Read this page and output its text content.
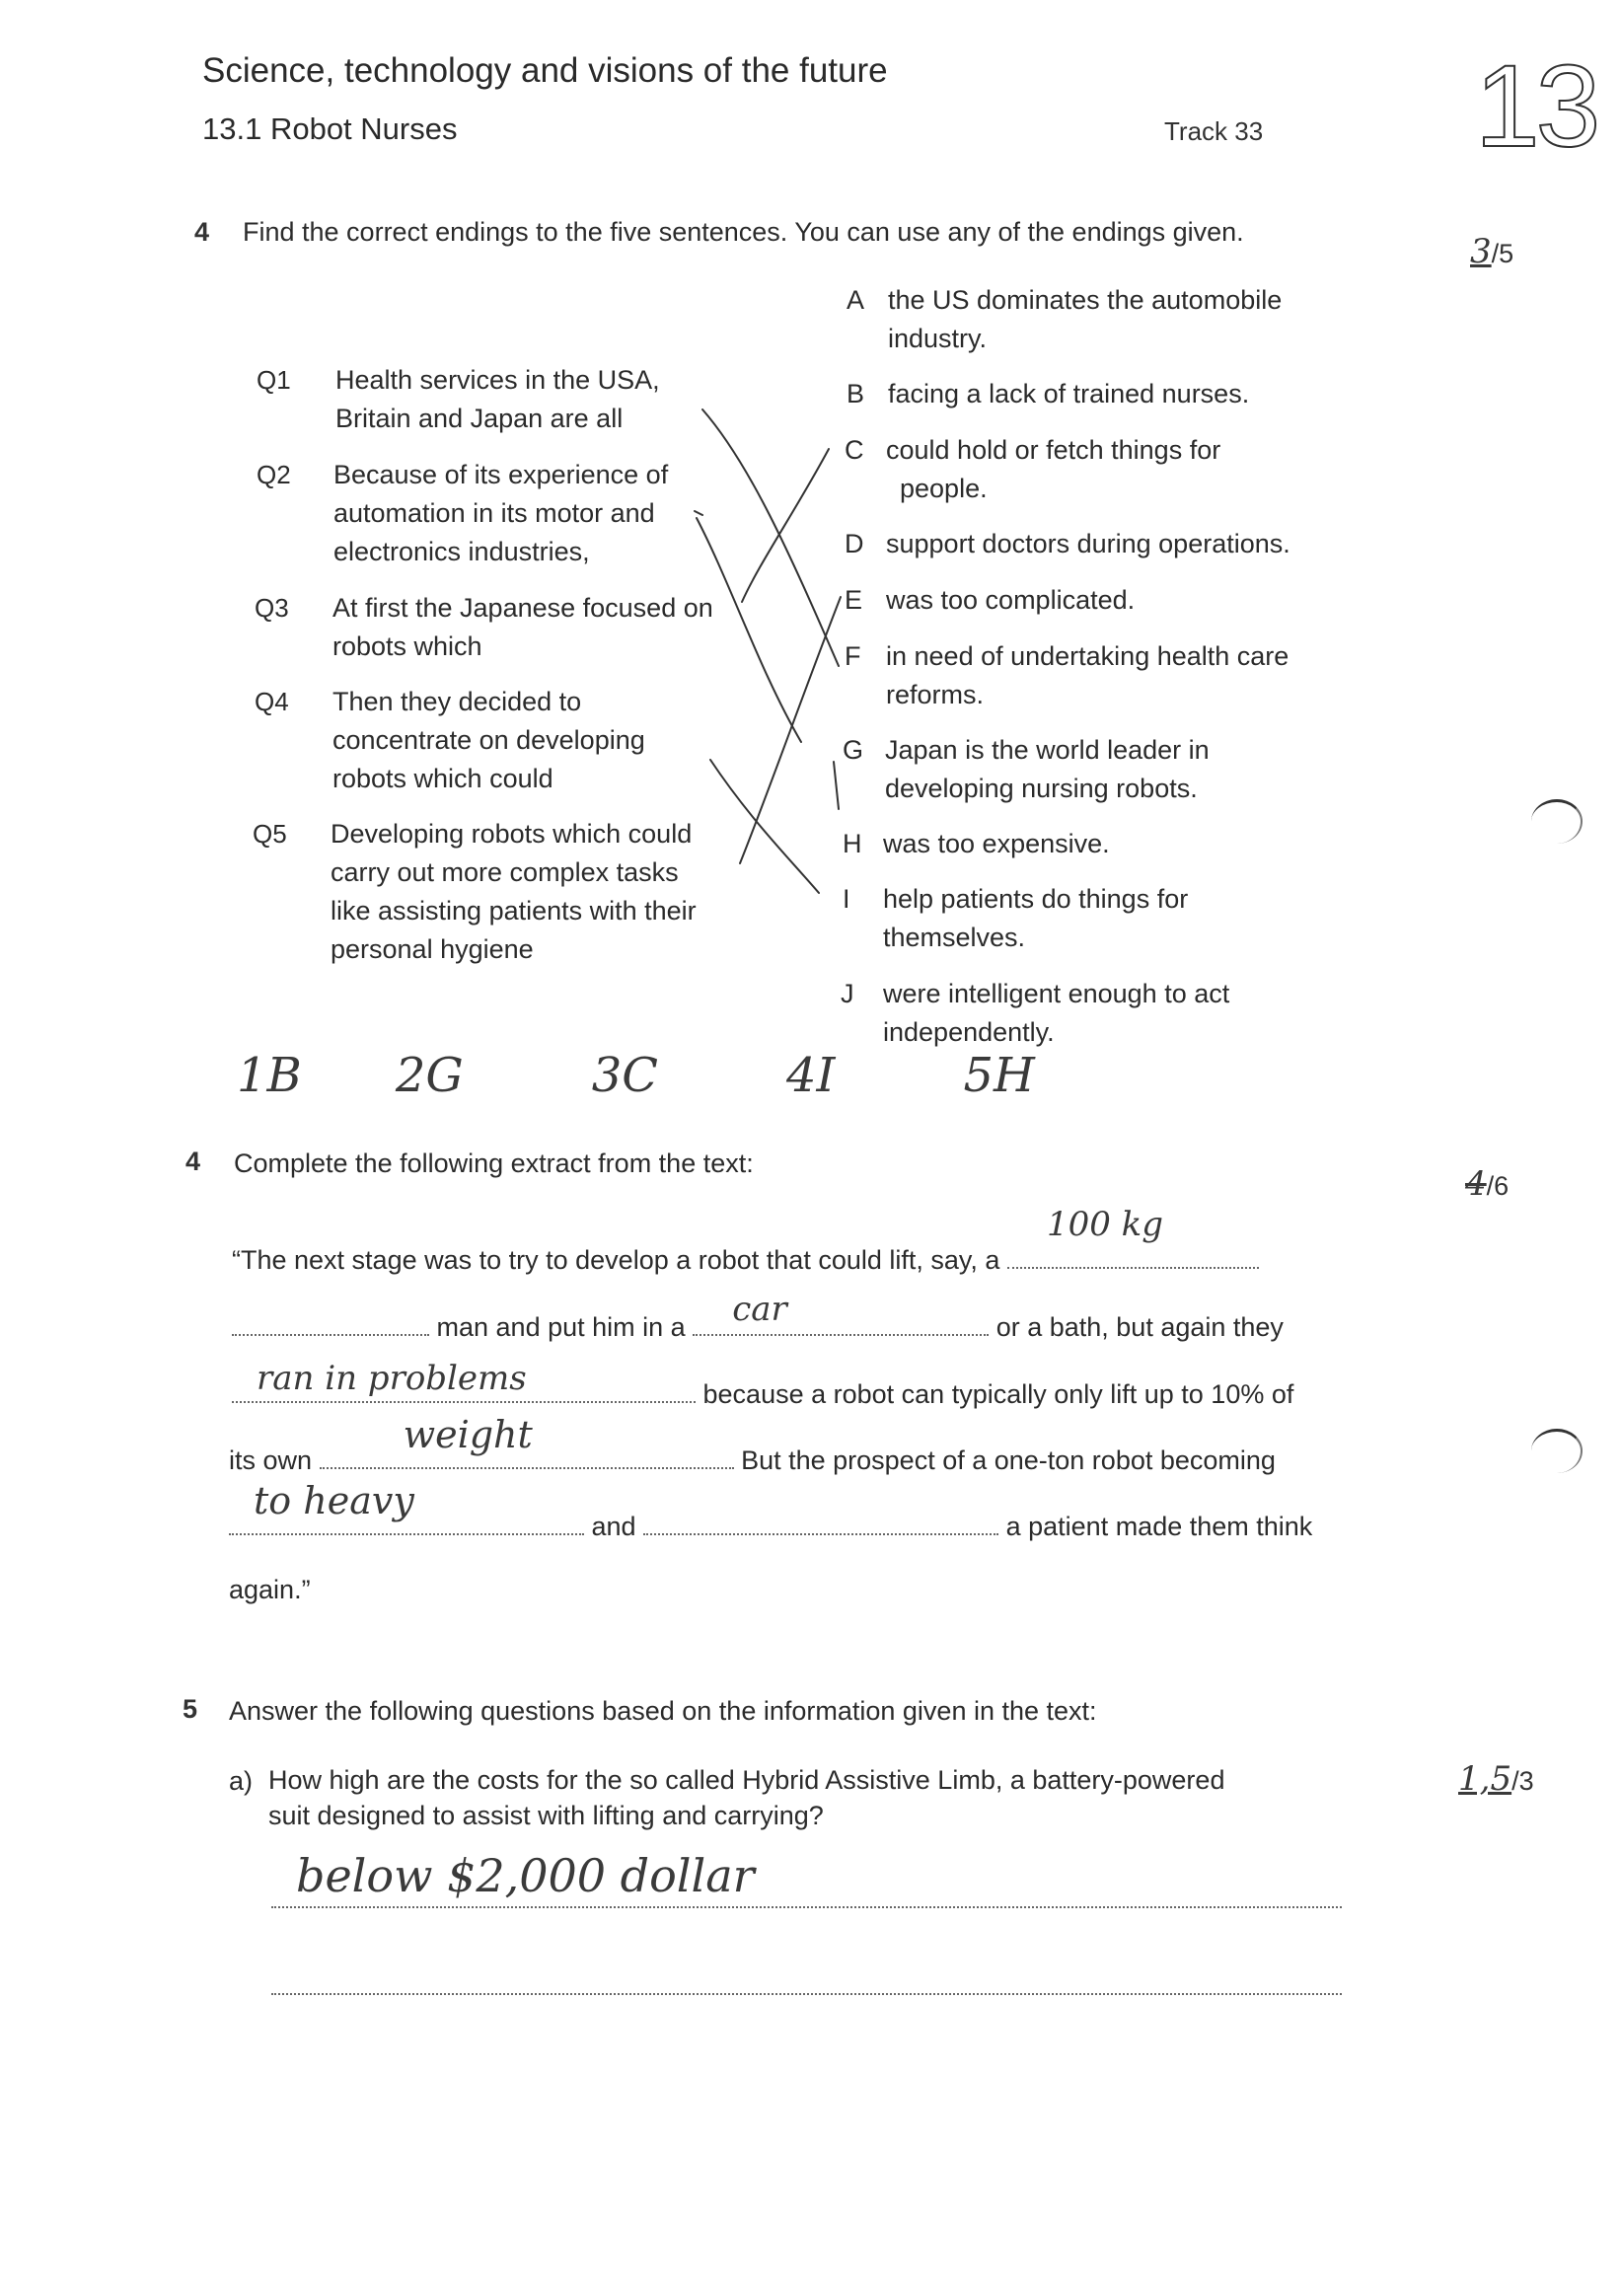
Science, technology and visions of the future
13.1 Robot Nurses	Track 33 13
4 Find the correct endings to the five sentences. You can use any of the endings given.	3/5
Q1 Health services in the USA,
Britain and Japan are all
Q2 Because of its experience of
automation in its motor and
electronics industries,
Q3 At first the Japanese focused on
robots which
Q4 Then they decided to
concentrate on developing
robots which could
Q5 Developing robots which could
carry out more complex tasks
like assisting patients with their
personal hygiene
A the US dominates the automobile
industry.
B facing a lack of trained nurses.
C could hold or fetch things for
people.
D support doctors during operations.
E was too complicated.
F in need of undertaking health care
reforms.
G Japan is the world leader in
developing nursing robots.
H was too expensive.
I help patients do things for
themselves.
J were intelligent enough to act
independently.
1B 2G	3C	4I	5H
4 Complete the following extract from the text:
4/6
“The next stage was to try to develop a robot that could lift, say, a
100 kg
man and put him in a car	or a bath, but again they
ran in problems	because a robot can typically only lift up to 10% of
its own
weight
But the prospect of a one-ton robot becoming
to heavy
and	a patient made them think
again.”
5 Answer the following questions based on the information given in the text:
a) How high are the costs for the so called Hybrid Assistive Limb, a battery-powered
suit designed to assist with lifting and carrying?
1,5/3
below $2,000 dollar
